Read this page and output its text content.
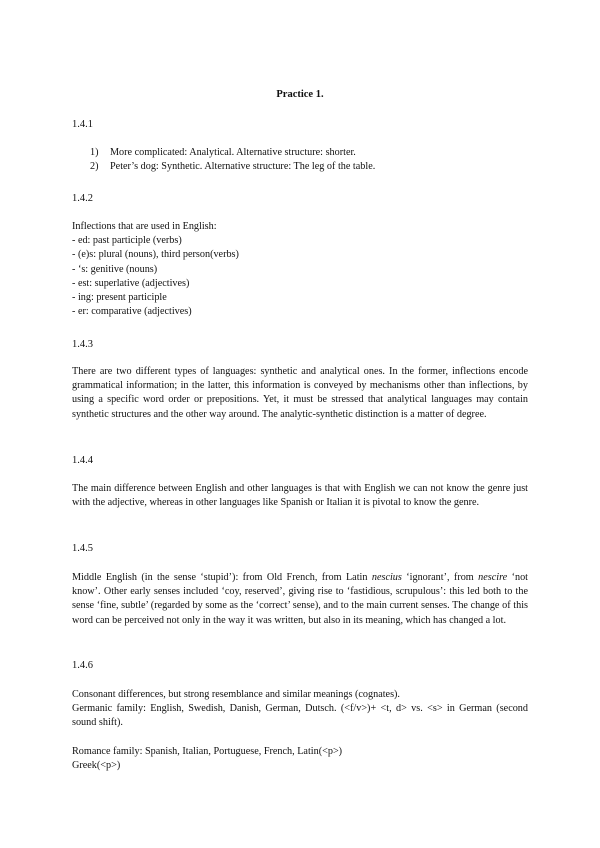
Practice 1.
1.4.1
1) More complicated: Analytical. Alternative structure: shorter.
2) Peter’s dog: Synthetic. Alternative structure: The leg of the table.
1.4.2
Inflections that are used in English:
- ed: past participle (verbs)
- (e)s: plural (nouns), third person(verbs)
- ‘s: genitive (nouns)
- est: superlative (adjectives)
- ing: present participle
- er: comparative (adjectives)
1.4.3

There are two different types of languages: synthetic and analytical ones. In the former, inflections encode grammatical information; in the latter, this information is conveyed by mechanisms other than inflections, by using a specific word order or prepositions. Yet, it must be stressed that analytical languages may contain synthetic structures and the other way around. The analytic-synthetic distinction is a matter of degree.

1.4.4

The main difference between English and other languages is that with English we can not know the genre just with the adjective, whereas in other languages like Spanish or Italian it is pivotal to know the genre.

1.4.5

Middle English (in the sense ‘stupid’): from Old French, from Latin nescius ‘ignorant’, from nescire ‘not know’. Other early senses included ‘coy, reserved’, giving rise to ‘fastidious, scrupulous’: this led both to the sense ‘fine, subtle’ (regarded by some as the ‘correct’ sense), and to the main current senses. The change of this word can be perceived not only in the way it was written, but also in its meaning, which has changed a lot.

1.4.6
Consonant differences, but strong resemblance and similar meanings (cognates).

Germanic family: English, Swedish, Danish, German, Dutsch. (<f/v>)+ <t, d> vs. <s> in German (second sound shift).

Romance family: Spanish, Italian, Portuguese, French, Latin(<p>)
Greek(<p>)
